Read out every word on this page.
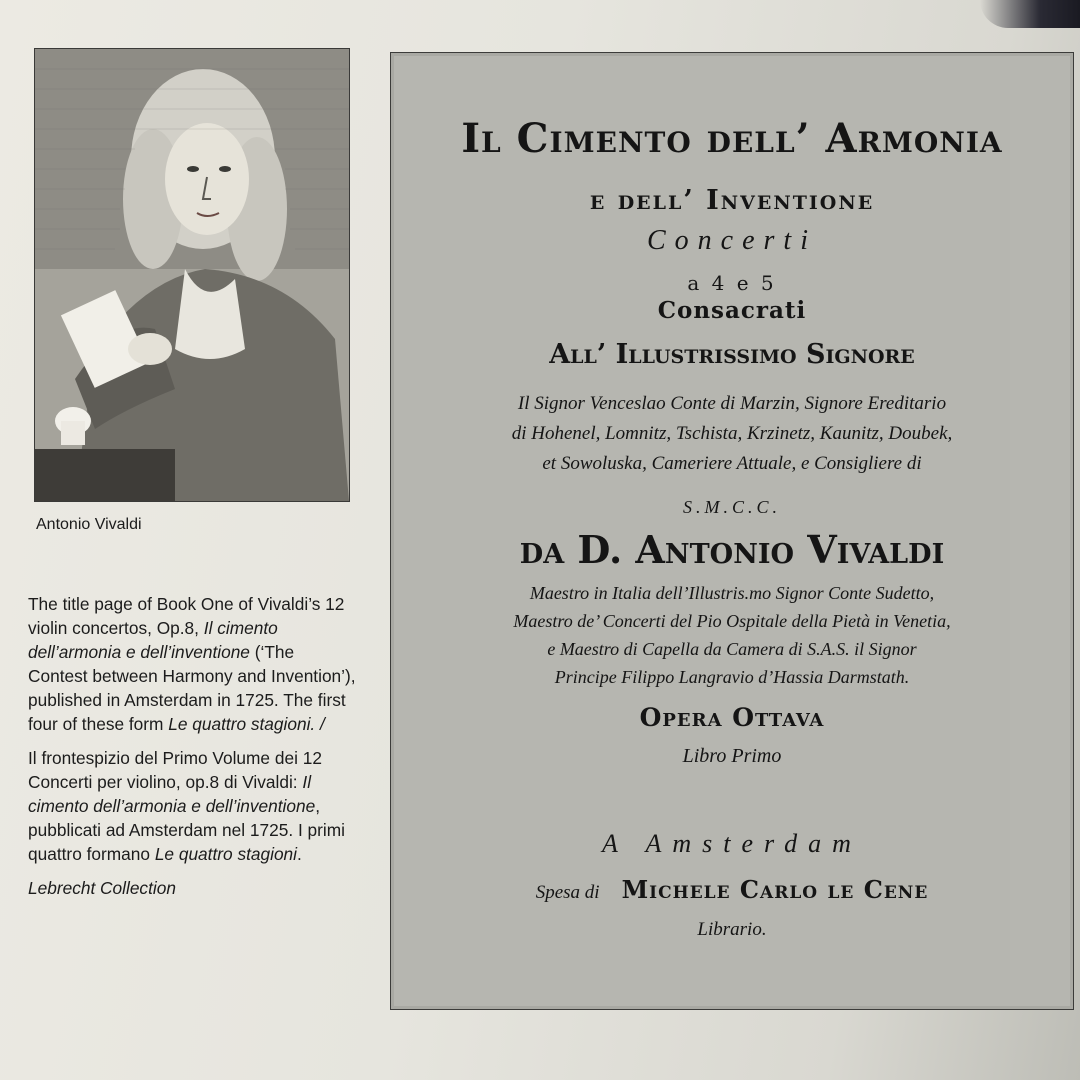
Antonio Vivaldi

The title page of Book One of Vivaldi’s 12 violin concertos, Op.8, Il cimento dell’armonia e dell’inventione (‘The Contest between Harmony and Invention’), published in Amsterdam in 1725. The first four of these form Le quattro stagioni. /

Il frontespizio del Primo Volume dei 12 Concerti per violino, op.8 di Vivaldi: Il cimento dell’armonia e dell’inventione, pubblicati ad Amsterdam nel 1725. I primi quattro formano Le quattro stagioni.

Lebrecht Collection

Il Cimento dell’ Armonia

e dell’ Inventione

Concerti

a 4 e 5

Consacrati

All’ Illustrissimo Signore

Il Signor Venceslao Conte di Marzin, Signore Ereditario

di Hohenel, Lomnitz, Tschista, Krzinetz, Kaunitz, Doubek,

et Sowoluska, Cameriere Attuale, e Consigliere di

S.M.C.C.

da D. Antonio Vivaldi

Maestro in Italia dell’Illustris.mo Signor Conte Sudetto,

Maestro de’ Concerti del Pio Ospitale della Pietà in Venetia,

e Maestro di Capella da Camera di S.A.S. il Signor

Principe Filippo Langravio d’Hassia Darmstath.

Opera Ottava

Libro Primo

A Amsterdam

Spesa di Michele Carlo le Cene

Librario.
